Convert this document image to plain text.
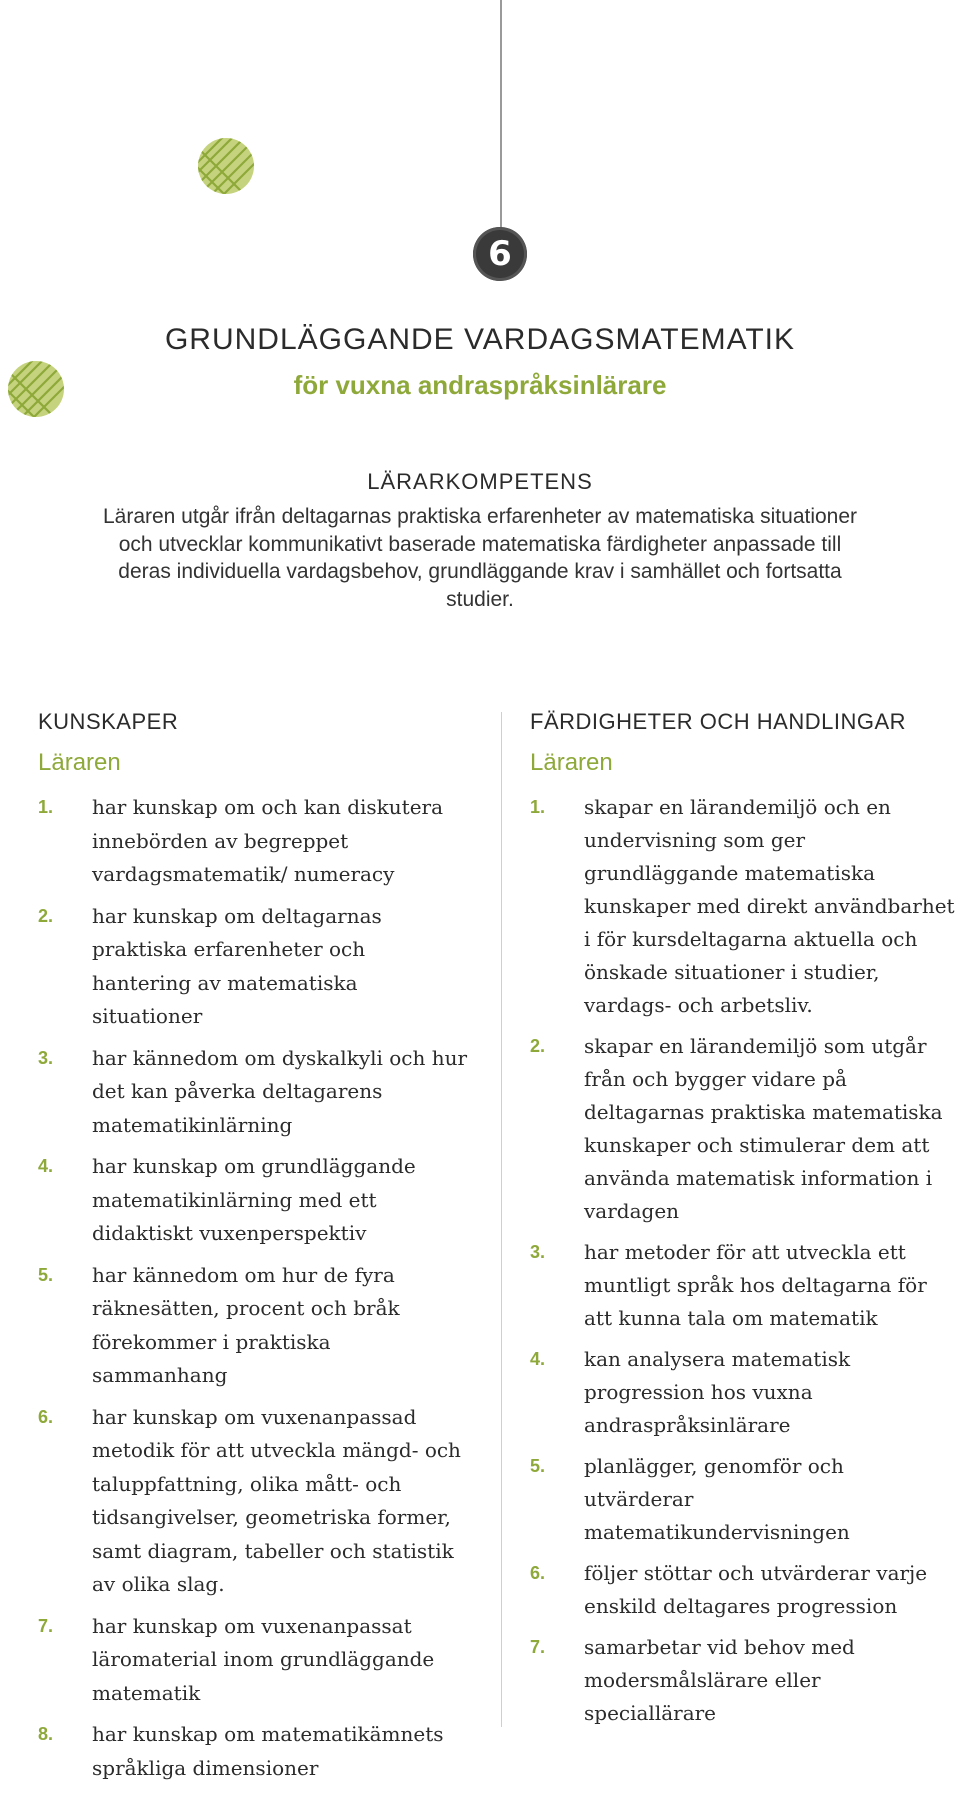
6
GRUNDLÄGGANDE VARDAGSMATEMATIK
för vuxna andraspråksinlärare
LÄRARKOMPETENS

Läraren utgår ifrån deltagarnas praktiska erfarenheter av matematiska situationer och utvecklar kommunikativt baserade matematiska färdigheter anpassade till deras individuella vardagsbehov, grundläggande krav i samhället och fortsatta studier.

KUNSKAPER
Läraren
1.	har kunskap om och kan diskutera innebörden av begreppet vardagsmatematik/ numeracy
2.	har kunskap om deltagarnas praktiska erfarenheter och hantering av matematiska situationer
3.	har kännedom om dyskalkyli och hur det kan påverka deltagarens matematikinlärning
4.	har kunskap om grundläggande matematikinlärning med ett didaktiskt vuxenperspektiv
5.	har kännedom om hur de fyra räknesätten, procent och bråk förekommer i praktiska sammanhang
6.	har kunskap om vuxenanpassad metodik för att utveckla mängd- och taluppfattning, olika mått- och tidsangivelser, geometriska former, samt diagram, tabeller och statistik av olika slag.
7.	har kunskap om vuxenanpassat läromaterial inom grundläggande matematik
8.	har kunskap om matematikämnets språkliga dimensioner
FÄRDIGHETER OCH HANDLINGAR
Läraren
1.	skapar en lärandemiljö och en undervisning som ger grundläggande matematiska kunskaper med direkt användbarhet i för kursdeltagarna aktuella och önskade situationer i studier, vardags- och arbetsliv.
2.	skapar en lärandemiljö som utgår från och bygger vidare på deltagarnas praktiska matematiska kunskaper och stimulerar dem att använda matematisk information i vardagen
3.	har metoder för att utveckla ett muntligt språk hos deltagarna för att kunna tala om matematik
4.	kan analysera matematisk progression hos vuxna andraspråksinlärare
5.	planlägger, genomför och utvärderar matematikundervisningen
6.	följer stöttar och utvärderar varje enskild deltagares progression
7.	samarbetar vid behov med modersmålslärare eller speciallärare
